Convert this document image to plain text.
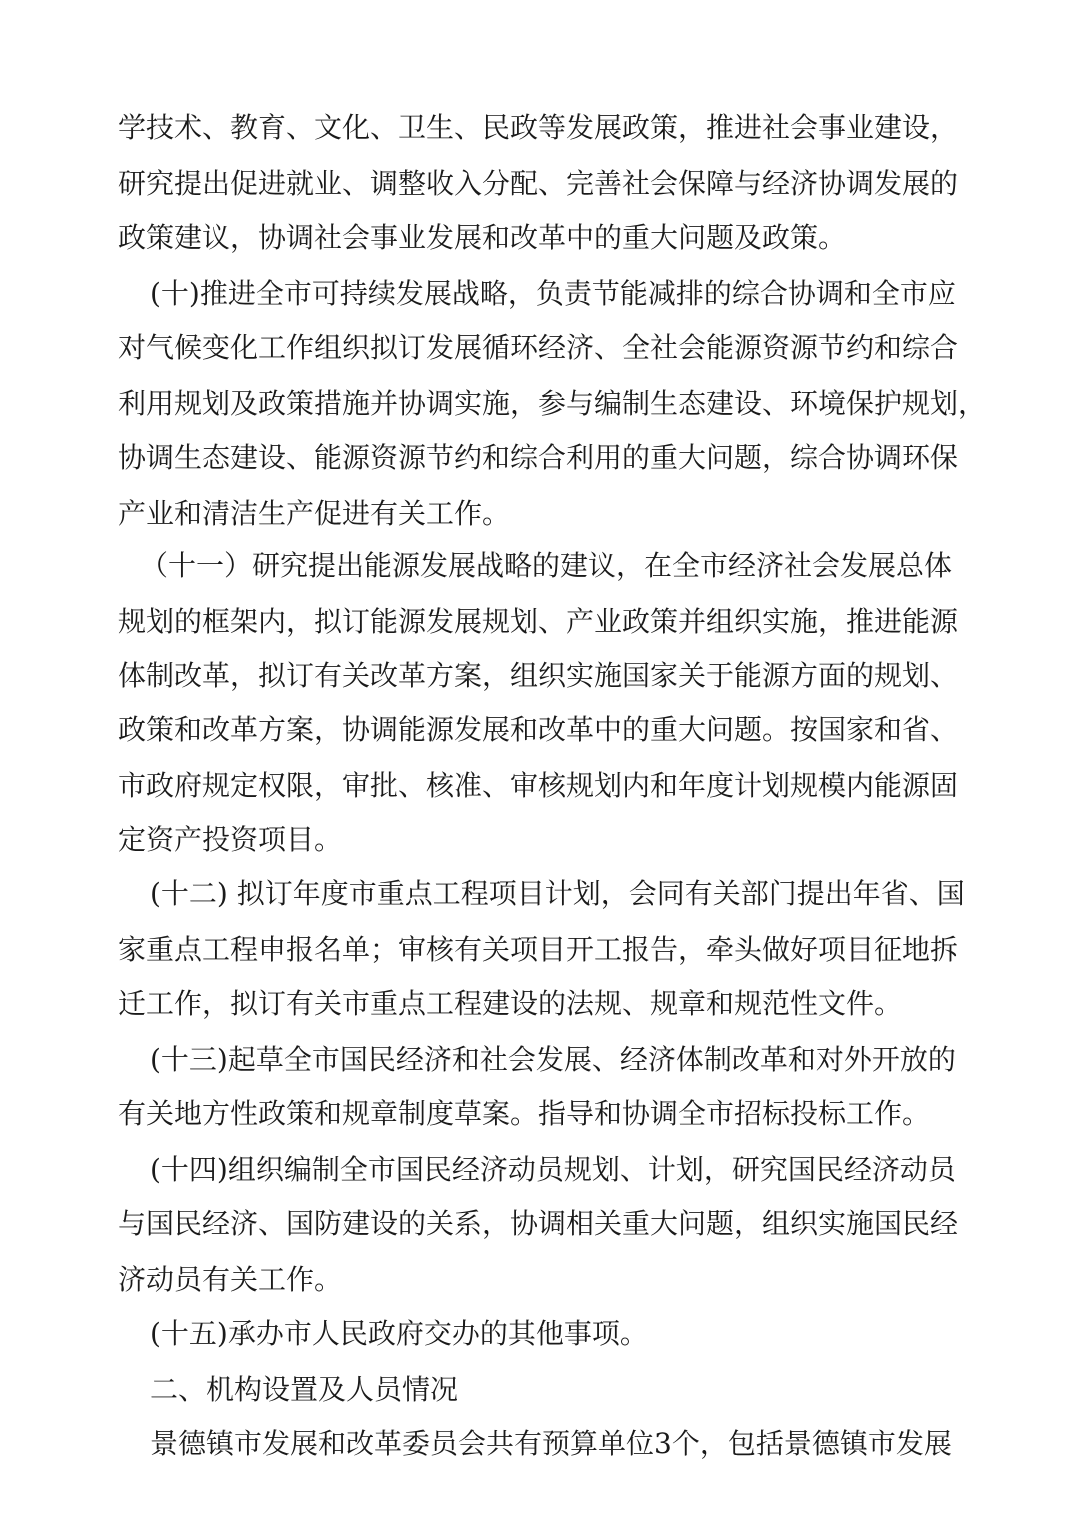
学技术、教育、文化、卫生、民政等发展政策，推进社会事业建设，
研究提出促进就业、调整收入分配、完善社会保障与经济协调发展的
政策建议，协调社会事业发展和改革中的重大问题及政策。
(十)推进全市可持续发展战略，负责节能减排的综合协调和全市应
对气候变化工作组织拟订发展循环经济、全社会能源资源节约和综合
利用规划及政策措施并协调实施，参与编制生态建设、环境保护规划，
协调生态建设、能源资源节约和综合利用的重大问题，综合协调环保
产业和清洁生产促进有关工作。
（十一）研究提出能源发展战略的建议，在全市经济社会发展总体
规划的框架内，拟订能源发展规划、产业政策并组织实施，推进能源
体制改革，拟订有关改革方案，组织实施国家关于能源方面的规划、
政策和改革方案，协调能源发展和改革中的重大问题。按国家和省、
市政府规定权限，审批、核准、审核规划内和年度计划规模内能源固
定资产投资项目。
(十二) 拟订年度市重点工程项目计划，会同有关部门提出年省、国
家重点工程申报名单；审核有关项目开工报告，牵头做好项目征地拆
迁工作，拟订有关市重点工程建设的法规、规章和规范性文件。
(十三)起草全市国民经济和社会发展、经济体制改革和对外开放的
有关地方性政策和规章制度草案。指导和协调全市招标投标工作。
(十四)组织编制全市国民经济动员规划、计划，研究国民经济动员
与国民经济、国防建设的关系，协调相关重大问题，组织实施国民经
济动员有关工作。
(十五)承办市人民政府交办的其他事项。
二、机构设置及人员情况
景德镇市发展和改革委员会共有预算单位3个，包括景德镇市发展
